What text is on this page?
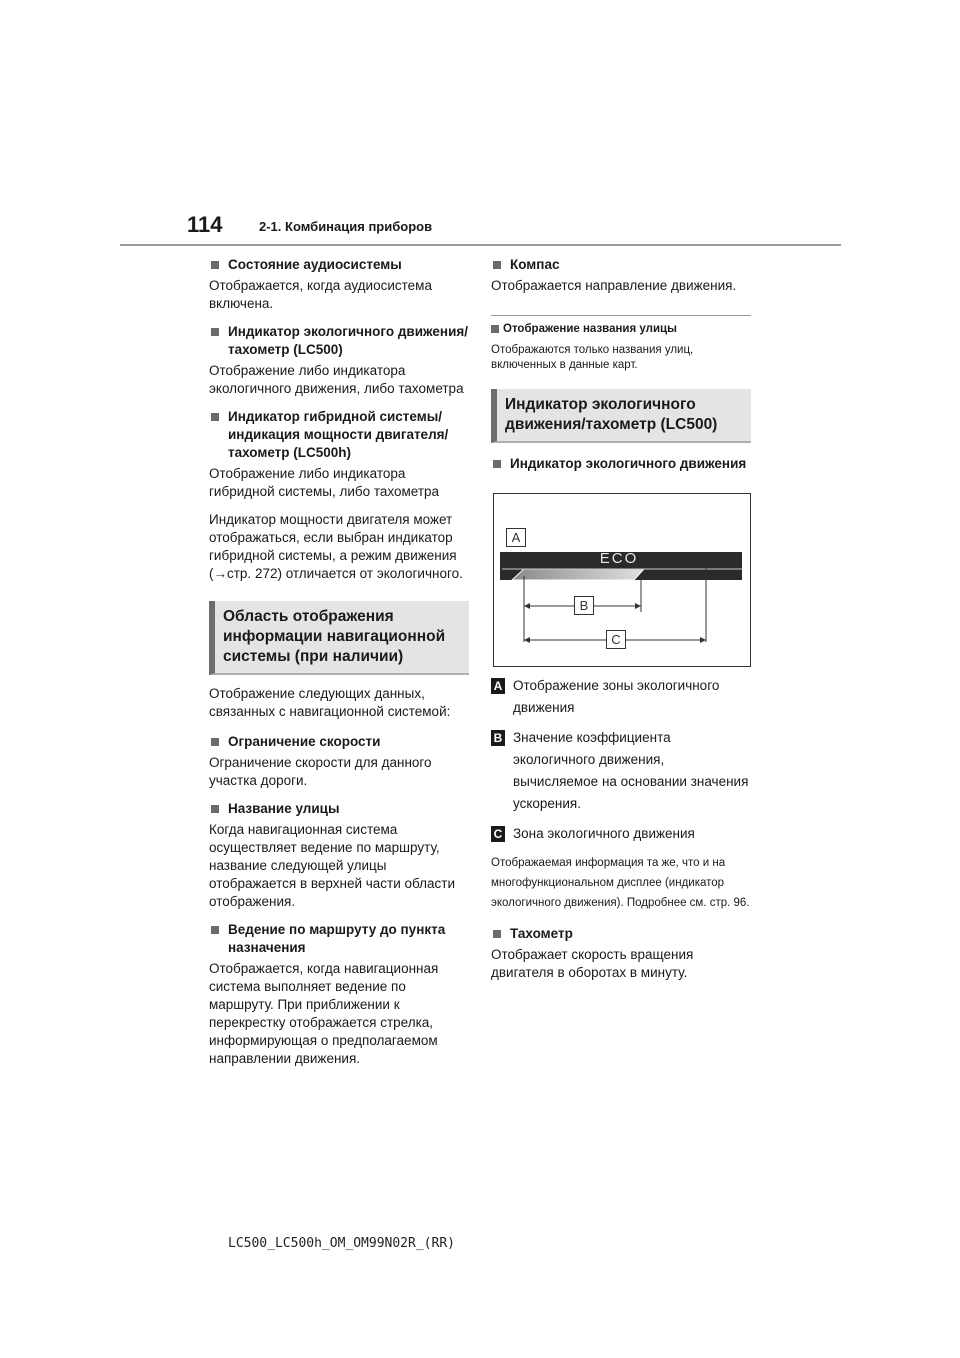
114	2-1. Комбинация приборов
Состояние аудиосистемы
Отображается, когда аудиосистема включена.
Индикатор экологичного движения/тахометр (LC500)
Отображение либо индикатора экологичного движения, либо тахометра
Индикатор гибридной системы/ индикация мощности двигателя/тахометр (LC500h)
Отображение либо индикатора гибридной системы, либо тахометра
Индикатор мощности двигателя может отображаться, если выбран индикатор гибридной системы, а режим движения (→стр. 272) отличается от экологичного.
Область отображения информации навигационной системы (при наличии)
Отображение следующих данных, связанных с навигационной системой:
Ограничение скорости
Ограничение скорости для данного участка дороги.
Название улицы
Когда навигационная система осуществляет ведение по маршруту, название следующей улицы отображается в верхней части области отображения.
Ведение по маршруту до пункта назначения
Отображается, когда навигационная система выполняет ведение по маршруту. При приближении к перекрестку отображается стрелка, информирующая о предполагаемом направлении движения.
Компас
Отображается направление движения.
Отображение названия улицы
Отображаются только названия улиц, включенных в данные карт.
Индикатор экологичного движения/тахометр (LC500)
Индикатор экологичного движения
ECO
A
B
C
A Отображение зоны экологичного движения
B Значение коэффициента экологичного движения, вычисляемое на основании значения ускорения.
C Зона экологичного движения
Отображаемая информация та же, что и на многофункциональном дисплее (индикатор экологичного движения). Подробнее см. стр. 96.
Тахометр
Отображает скорость вращения двигателя в оборотах в минуту.
LC500_LC500h_OM_OM99N02R_(RR)
